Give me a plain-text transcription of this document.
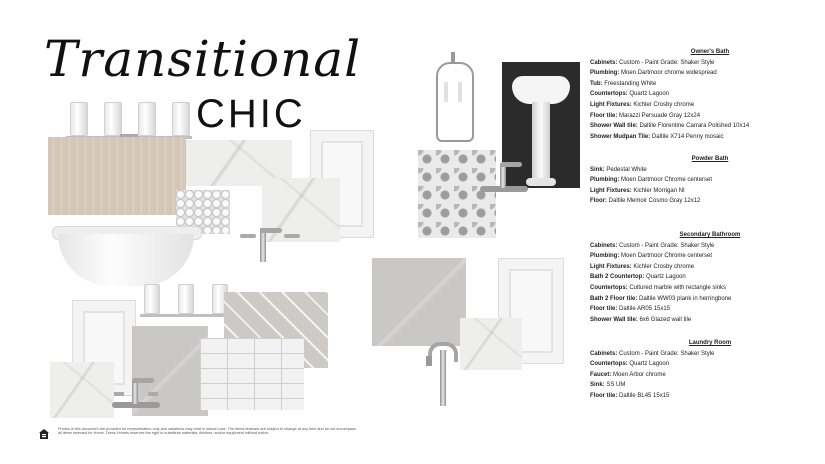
Transitional
CHIC
Owner's Bath
Cabinets: Custom - Paint Grade: Shaker Style
Plumbing: Moen Dartmoor chrome widespread
Tub: Freestanding White
Countertops: Quartz Lagoon
Light Fixtures: Kichler Crosby chrome
Floor tile: Marazzi Persuade Gray 12x24
Shower Wall tile: Daltile Florentine Carrara Polished 10x14
Shower Mudpan Tile: Daltile X714 Penny mosaic
Powder Bath
Sink: Pedestal White
Plumbing: Moen Dartmoor Chrome centerset
Light Fixtures: Kichler Morrigan NI
Floor: Daltile Memoir Cosmo Gray 12x12
Secondary Bathroom
Cabinets: Custom - Paint Grade: Shaker Style
Plumbing: Moen Dartmoor Chrome centerset
Light Fixtures: Kichler Crosby chrome
Bath 2 Countertop: Quartz Lagoon
Countertops: Cultured marble with rectangle sinks
Bath 2 Floor tile: Daltile WW03 plank in herringbone
Floor tile: Daltile AR05 15x15
Shower Wall tile: 6x6 Glazed wall tile
Laundry Room
Cabinets: Custom - Paint Grade: Shaker Style
Countertops: Quartz Lagoon
Faucet: Moen Arbor chrome
Sink: SS UM
Floor tile: Daltile BL45 15x15
Photos in this document are provided for representation only and variations may exist in actual color. The items featured are subject to change at any time and do not encompass all items selected for Home. Dress Homes reserves the right to substitute materials, finishes, and/or equipment without notice.
